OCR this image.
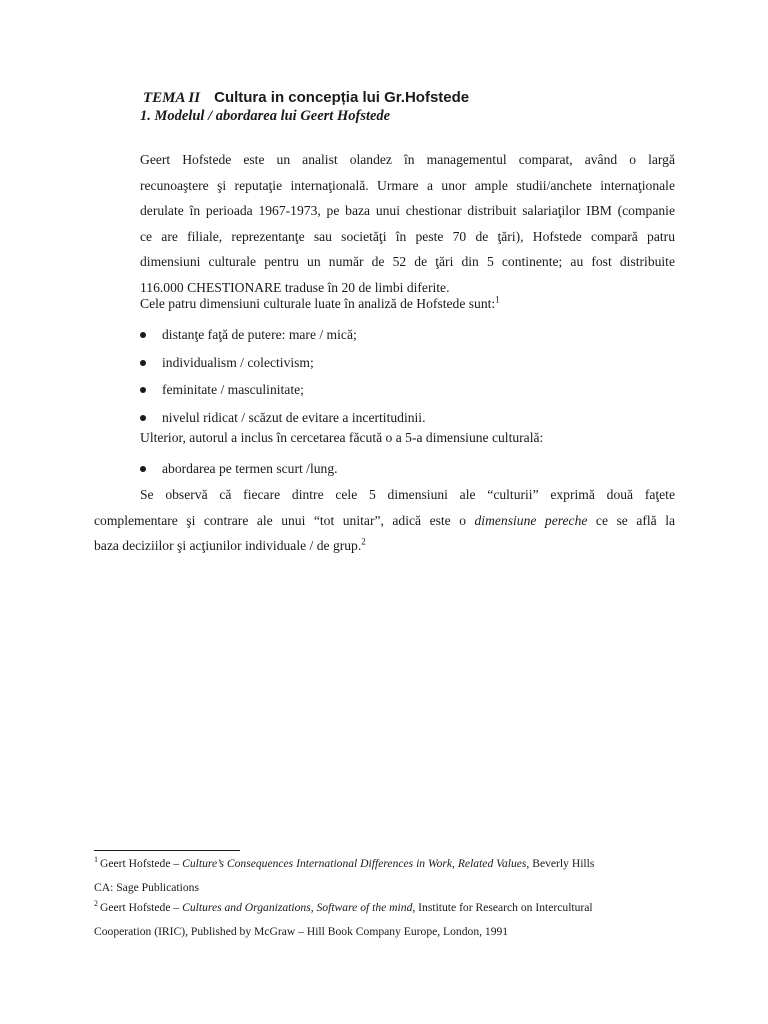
TEMA II Cultura in concepția lui Gr.Hofstede
1. Modelul / abordarea lui Geert Hofstede
Geert Hofstede este un analist olandez în managementul comparat, având o largă
recunoaştere şi reputaţie internaţională. Urmare a unor ample studii/anchete internaţionale
derulate în perioada 1967-1973, pe baza unui chestionar distribuit salariaţilor IBM (companie
ce are filiale, reprezentanţe sau societăţi în peste 70 de ţări), Hofstede compară patru
dimensiuni culturale pentru un număr de 52 de ţări din 5 continente; au fost distribuite
116.000 CHESTIONARE traduse în 20 de limbi diferite.
Cele patru dimensiuni culturale luate în analiză de Hofstede sunt:$^1$
distanţe faţă de putere: mare / mică;
individualism / colectivism;
feminitate / masculinitate;
nivelul ridicat / scăzut de evitare a incertitudinii.
Ulterior, autorul a inclus în cercetarea făcută o a 5-a dimensiune culturală:
abordarea pe termen scurt /lung.
Se observă că fiecare dintre cele 5 dimensiuni ale “culturii” exprimă două faţete
complementare şi contrare ale unui “tot unitar”, adică este o dimensiune pereche ce se află la
baza deciziilor şi acţiunilor individuale / de grup.$^2$
$^1$ Geert Hofstede – Culture’s Consequences International Differences in Work, Related Values, Beverly Hills
CA: Sage Publications
$^2$ Geert Hofstede – Cultures and Organizations, Software of the mind, Institute for Research on Intercultural
Cooperation (IRIC), Published by McGraw – Hill Book Company Europe, London, 1991
